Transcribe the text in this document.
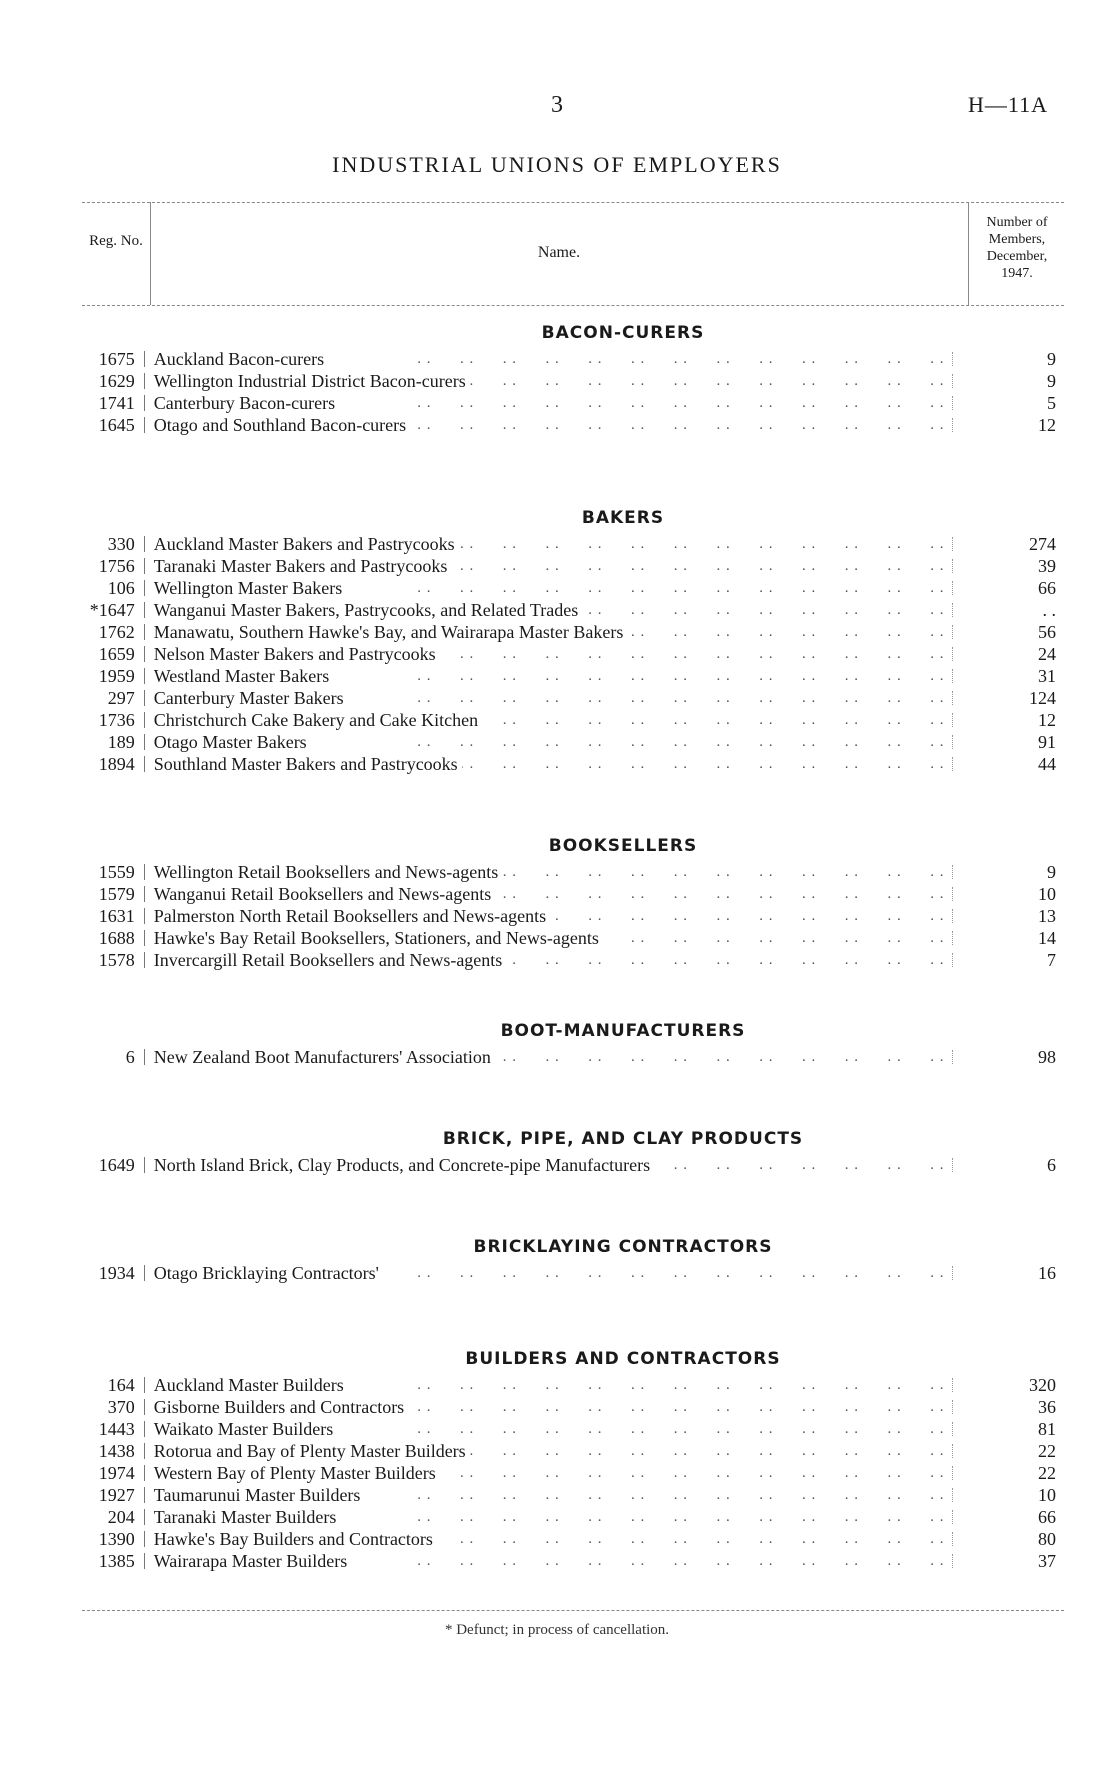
3	H—11A
INDUSTRIAL UNIONS OF EMPLOYERS
Reg. No.
Name.
Number of Members, December, 1947.
BACON-CURERS
1675	Auckland Bacon-curers . .	9
1629	Wellington Industrial District Bacon-curers . .	9
1741	Canterbury Bacon-curers . .	5
1645	Otago and Southland Bacon-curers . .	12
BAKERS
330	Auckland Master Bakers and Pastrycooks . .	274
1756	Taranaki Master Bakers and Pastrycooks . .	39
106	Wellington Master Bakers . .	66
*1647	Wanganui Master Bakers, Pastrycooks, and Related Trades . .	. .
1762	Manawatu, Southern Hawke's Bay, and Wairarapa Master Bakers . .	56
1659	Nelson Master Bakers and Pastrycooks . .	24
1959	Westland Master Bakers . .	31
297	Canterbury Master Bakers . .	124
1736	Christchurch Cake Bakery and Cake Kitchen . .	12
189	Otago Master Bakers . .	91
1894	Southland Master Bakers and Pastrycooks . .	44
BOOKSELLERS
1559	Wellington Retail Booksellers and News-agents . .	9
1579	Wanganui Retail Booksellers and News-agents . .	10
1631	Palmerston North Retail Booksellers and News-agents . .	13
1688	Hawke's Bay Retail Booksellers, Stationers, and News-agents . .	14
1578	Invercargill Retail Booksellers and News-agents . .	7
BOOT-MANUFACTURERS
6	New Zealand Boot Manufacturers' Association . .	98
BRICK, PIPE, AND CLAY PRODUCTS
1649	North Island Brick, Clay Products, and Concrete-pipe Manufacturers . .	6
BRICKLAYING CONTRACTORS
1934	Otago Bricklaying Contractors' . .	16
BUILDERS AND CONTRACTORS
164	Auckland Master Builders . .	320
370	Gisborne Builders and Contractors . .	36
1443	Waikato Master Builders . .	81
1438	Rotorua and Bay of Plenty Master Builders . .	22
1974	Western Bay of Plenty Master Builders . .	22
1927	Taumarunui Master Builders . .	10
204	Taranaki Master Builders . .	66
1390	Hawke's Bay Builders and Contractors . .	80
1385	Wairarapa Master Builders . .	37
* Defunct; in process of cancellation.
